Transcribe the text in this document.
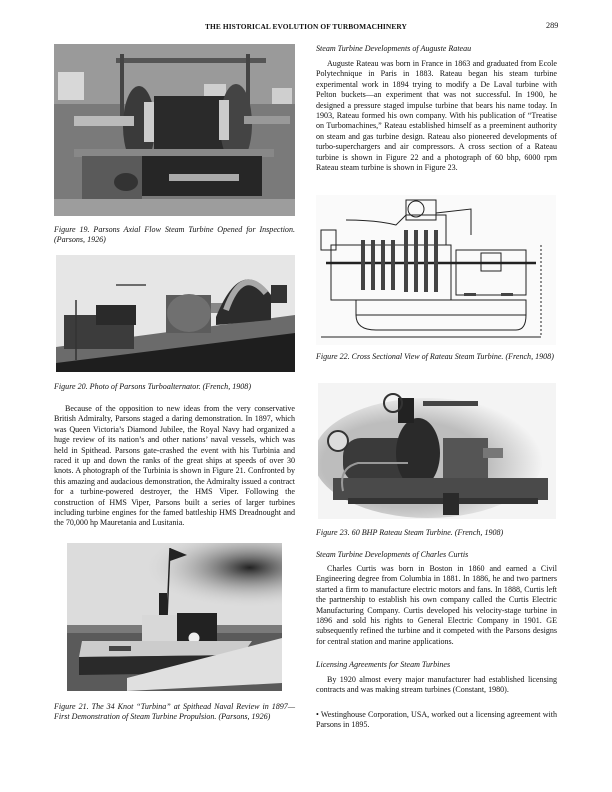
THE HISTORICAL EVOLUTION OF TURBOMACHINERY	289

Figure 19. Parsons Axial Flow Steam Turbine Opened for Inspection. (Parsons, 1926)

Figure 20. Photo of Parsons Turboalternator. (French, 1908)

Because of the opposition to new ideas from the very conservative British Admiralty, Parsons staged a daring demonstration. In 1897, which was Queen Victoria’s Diamond Jubilee, the Royal Navy had organized a huge review of its nation’s and other nations’ naval vessels, which was held in Spithead. Parsons gate-crashed the event with his Turbinia and raced it up and down the ranks of the great ships at speeds of over 30 knots. A photograph of the Turbinia is shown in Figure 21. Confronted by this amazing and audacious demonstration, the Admiralty issued a contract for a turbine-powered destroyer, the HMS Viper. Following the construction of HMS Viper, Parsons built a series of larger turbines including turbine engines for the famed battleship HMS Dreadnought and the 70,000 hp Mauretania and Lusitania.

Figure 21. The 34 Knot “Turbina” at Spithead Naval Review in 1897—First Demonstration of Steam Turbine Propulsion. (Parsons, 1926)

Steam Turbine Developments of Auguste Rateau

Auguste Rateau was born in France in 1863 and graduated from Ecole Polytechnique in Paris in 1883. Rateau began his steam turbine experimental work in 1894 trying to modify a De Laval turbine with Pelton buckets—an experiment that was not successful. In 1900, he designed a pressure staged impulse turbine that bears his name today. In 1903, Rateau formed his own company. With his publication of “Treatise on Turbomachines,” Rateau established himself as a preeminent authority on steam and gas turbine design. Rateau also pioneered developments of turbo-superchargers and air compressors. A cross section of a Rateau turbine is shown in Figure 22 and a photograph of 60 bhp, 6000 rpm Rateau steam turbine is shown in Figure 23.

Figure 22. Cross Sectional View of Rateau Steam Turbine. (French, 1908)

Figure 23. 60 BHP Rateau Steam Turbine. (French, 1908)

Steam Turbine Developments of Charles Curtis

Charles Curtis was born in Boston in 1860 and earned a Civil Engineering degree from Columbia in 1881. In 1886, he and two partners started a firm to manufacture electric motors and fans. In 1888, Curtis left the partnership to establish his own company called the Curtis Electric Manufacturing Company. Curtis developed his velocity-stage turbine in 1896 and sold his rights to General Electric Company in 1901. GE subsequently refined the turbine and it competed with the Parsons designs for central station and marine applications.

Licensing Agreements for Steam Turbines

By 1920 almost every major manufacturer had established licensing contracts and was making stream turbines (Constant, 1980).

• Westinghouse Corporation, USA, worked out a licensing agreement with Parsons in 1895.
